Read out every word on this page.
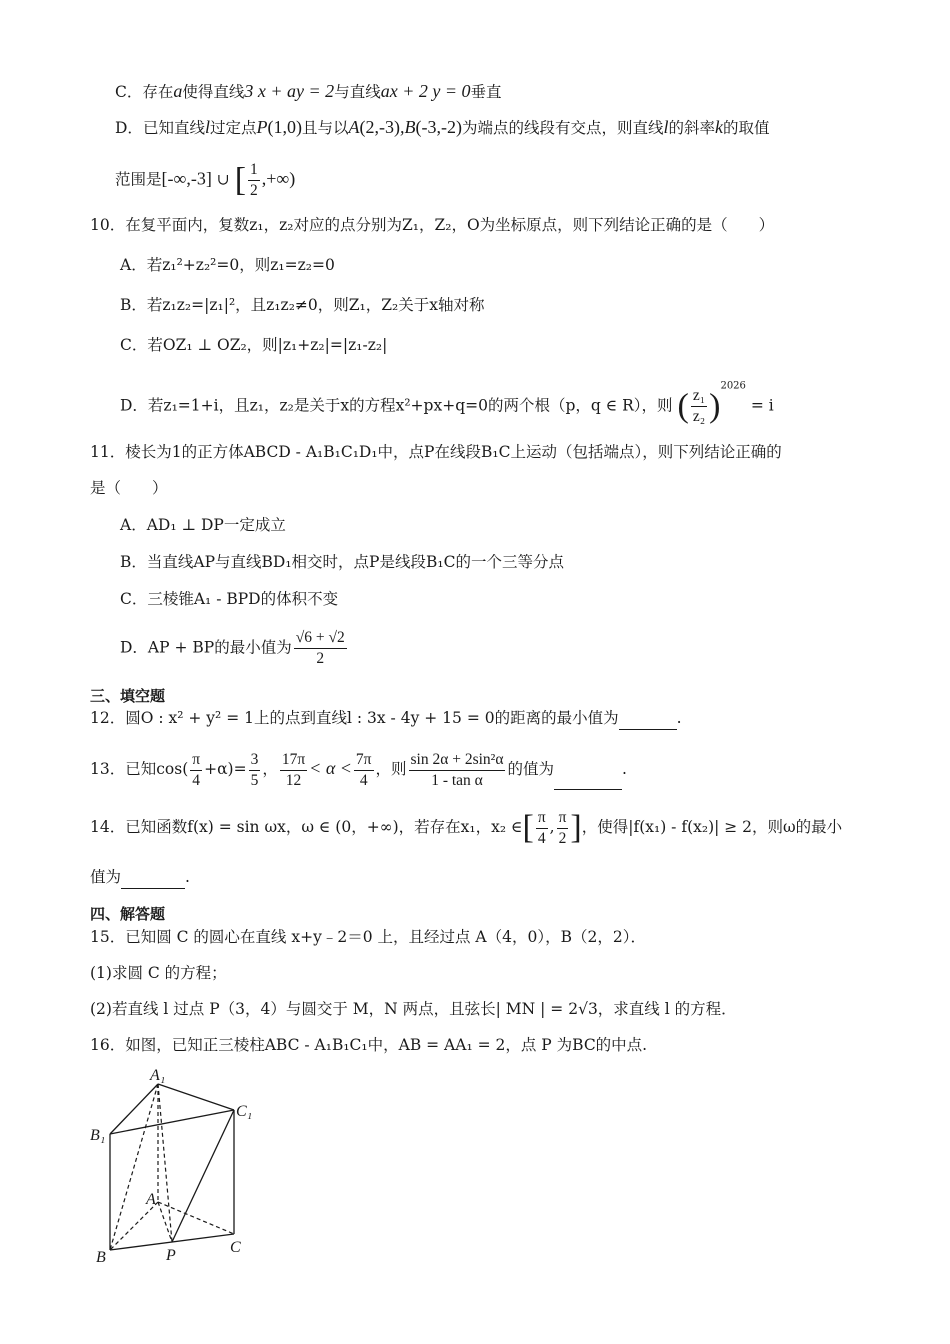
C．存在a使得直线3 x + ay = 2与直线ax + 2 y = 0垂直
D．已知直线l过定点P(1,0)且与以A(2,-3),B(-3,-2)为端点的线段有交点，则直线l的斜率k的取值
范围是[-∞,-3] ∪ [ $\frac{1}{2}$ ,+∞)
10．在复平面内，复数z₁，z₂对应的点分别为Z₁，Z₂，O为坐标原点，则下列结论正确的是（　　）
A．若z₁²+z₂²=0，则z₁=z₂=0
B．若z₁z₂=|z₁|²，且z₁z₂≠0，则Z₁，Z₂关于x轴对称
C．若OZ₁ ⊥ OZ₂，则|z₁+z₂|=|z₁-z₂|
D．若z₁=1+i，且z₁，z₂是关于x的方程x²+px+q=0的两个根（p，q ∈ R），则 ( $\frac{\text{z₁}}{\text{z₂}} )^{2026} = i$
11．棱长为1的正方体ABCD - A₁B₁C₁D₁中，点P在线段B₁C上运动（包括端点），则下列结论正确的
是（　　）
A．AD₁ ⊥ DP一定成立
B．当直线AP与直线BD₁相交时，点P是线段B₁C的一个三等分点
C．三棱锥A₁ - BPD的体积不变
D．AP + BP的最小值为 $\frac{√6 + √2}{2}$
三、填空题
12．圆O : x² + y² = 1上的点到直线l : 3x - 4y + 15 = 0的距离的最小值为	.
13．已知$\cos( \frac{\pi}{4} +\alpha)= \frac{3}{5}$ ， $\frac{17\pi}{12} < \alpha < \frac{7\pi}{4}$ ，则 $\frac{\text{sin 2α + 2sin²α}}{\text{1 - tan α}}$ 的值为	.
14．已知函数f(x) = sin ωx，ω ∈ (0，+∞)，若存在x₁，x₂ ∈[ $\frac{\pi}{4}$ , $\frac{\pi}{2}$ ]，使得|f(x₁) - f(x₂)| ≥ 2，则ω的最小
值为	.
四、解答题
15．已知圆 C 的圆心在直线 x+y﹣2＝0 上，且经过点 A（4，0），B（2，2）．
(1)求圆 C 的方程；
(2)若直线 l 过点 P（3，4）与圆交于 M，N 两点，且弦长| MN | = 2√3，求直线 l 的方程．
16．如图，已知正三棱柱ABC - A₁B₁C₁中，AB = AA₁ = 2，点 P 为BC的中点.
A₁
B₁
C₁
A
B
C
P
